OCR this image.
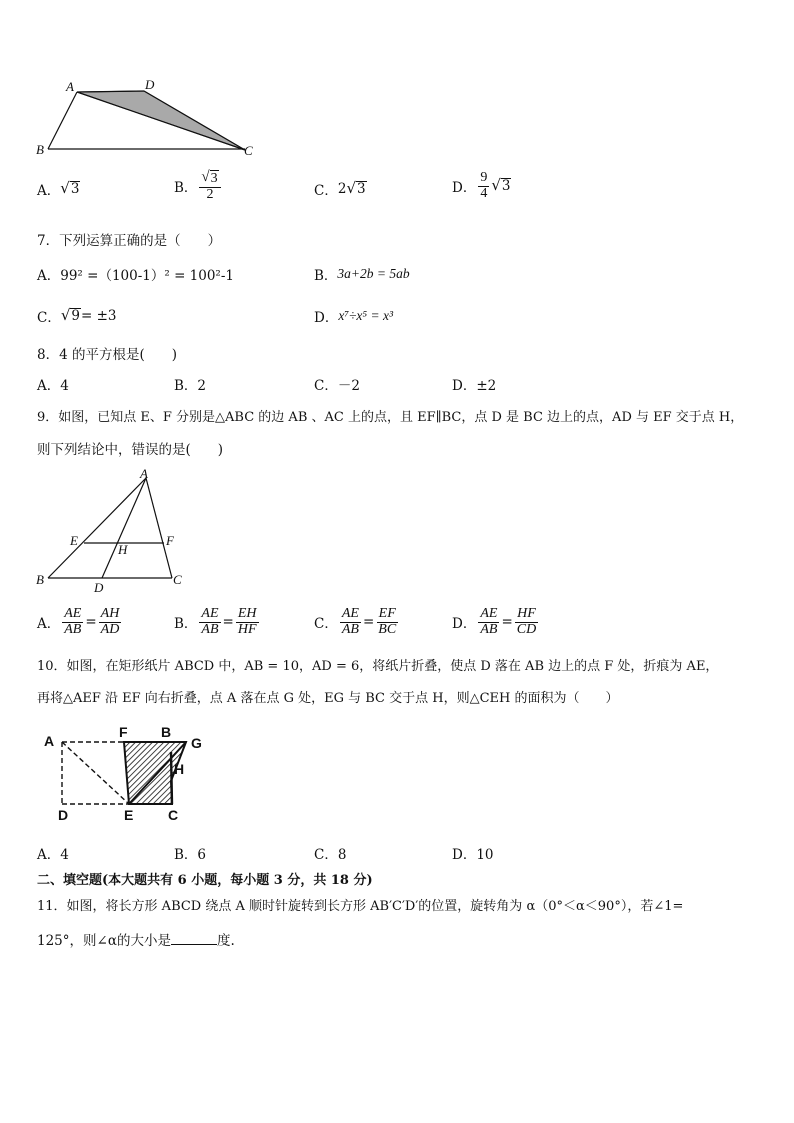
A	D
B	C
A． √ 3	B． $\frac{√ 3}{2}$	C． 2 √ 3	D． $\frac{9}{4}$ √ 3
7．下列运算正确的是（　　）
A． 99² =（100-1）² = 100²-1	B． 3a+2b = 5ab
C． √ 9 = ±3	D． x⁷÷x⁵ = x³
8．4 的平方根是(　　)
A．4	B．2	C．－2	D．±2
9．如图，已知点 E、F 分别是△ABC 的边 AB 、AC 上的点，且 EF∥BC，点 D 是 BC 边上的点，AD 与 EF 交于点 H，
则下列结论中，错误的是(　　)
A
E	F
H
B
D
C
A． $\frac{AE}{AB} = \frac{AH}{AD}$	B． $\frac{AE}{AB} = \frac{EH}{HF}$	C． $\frac{AE}{AB} = \frac{EF}{BC}$	D． $\frac{AE}{AB} = \frac{HF}{CD}$
10．如图，在矩形纸片 ABCD 中，AB = 10，AD = 6，将纸片折叠，使点 D 落在 AB 边上的点 F 处，折痕为 AE，
再将△AEF 沿 EF 向右折叠，点 A 落在点 G 处，EG 与 BC 交于点 H，则△CEH 的面积为（　　）
A
F B
G
H
D	E C
A．4	B．6	C．8	D．10
二、填空题(本大题共有 6 小题，每小题 3 分，共 18 分)
11．如图，将长方形 ABCD 绕点 A 顺时针旋转到长方形 AB′C′D′的位置，旋转角为 α（0°＜α＜90°），若∠1=
125°，则∠α的大小是	度.
